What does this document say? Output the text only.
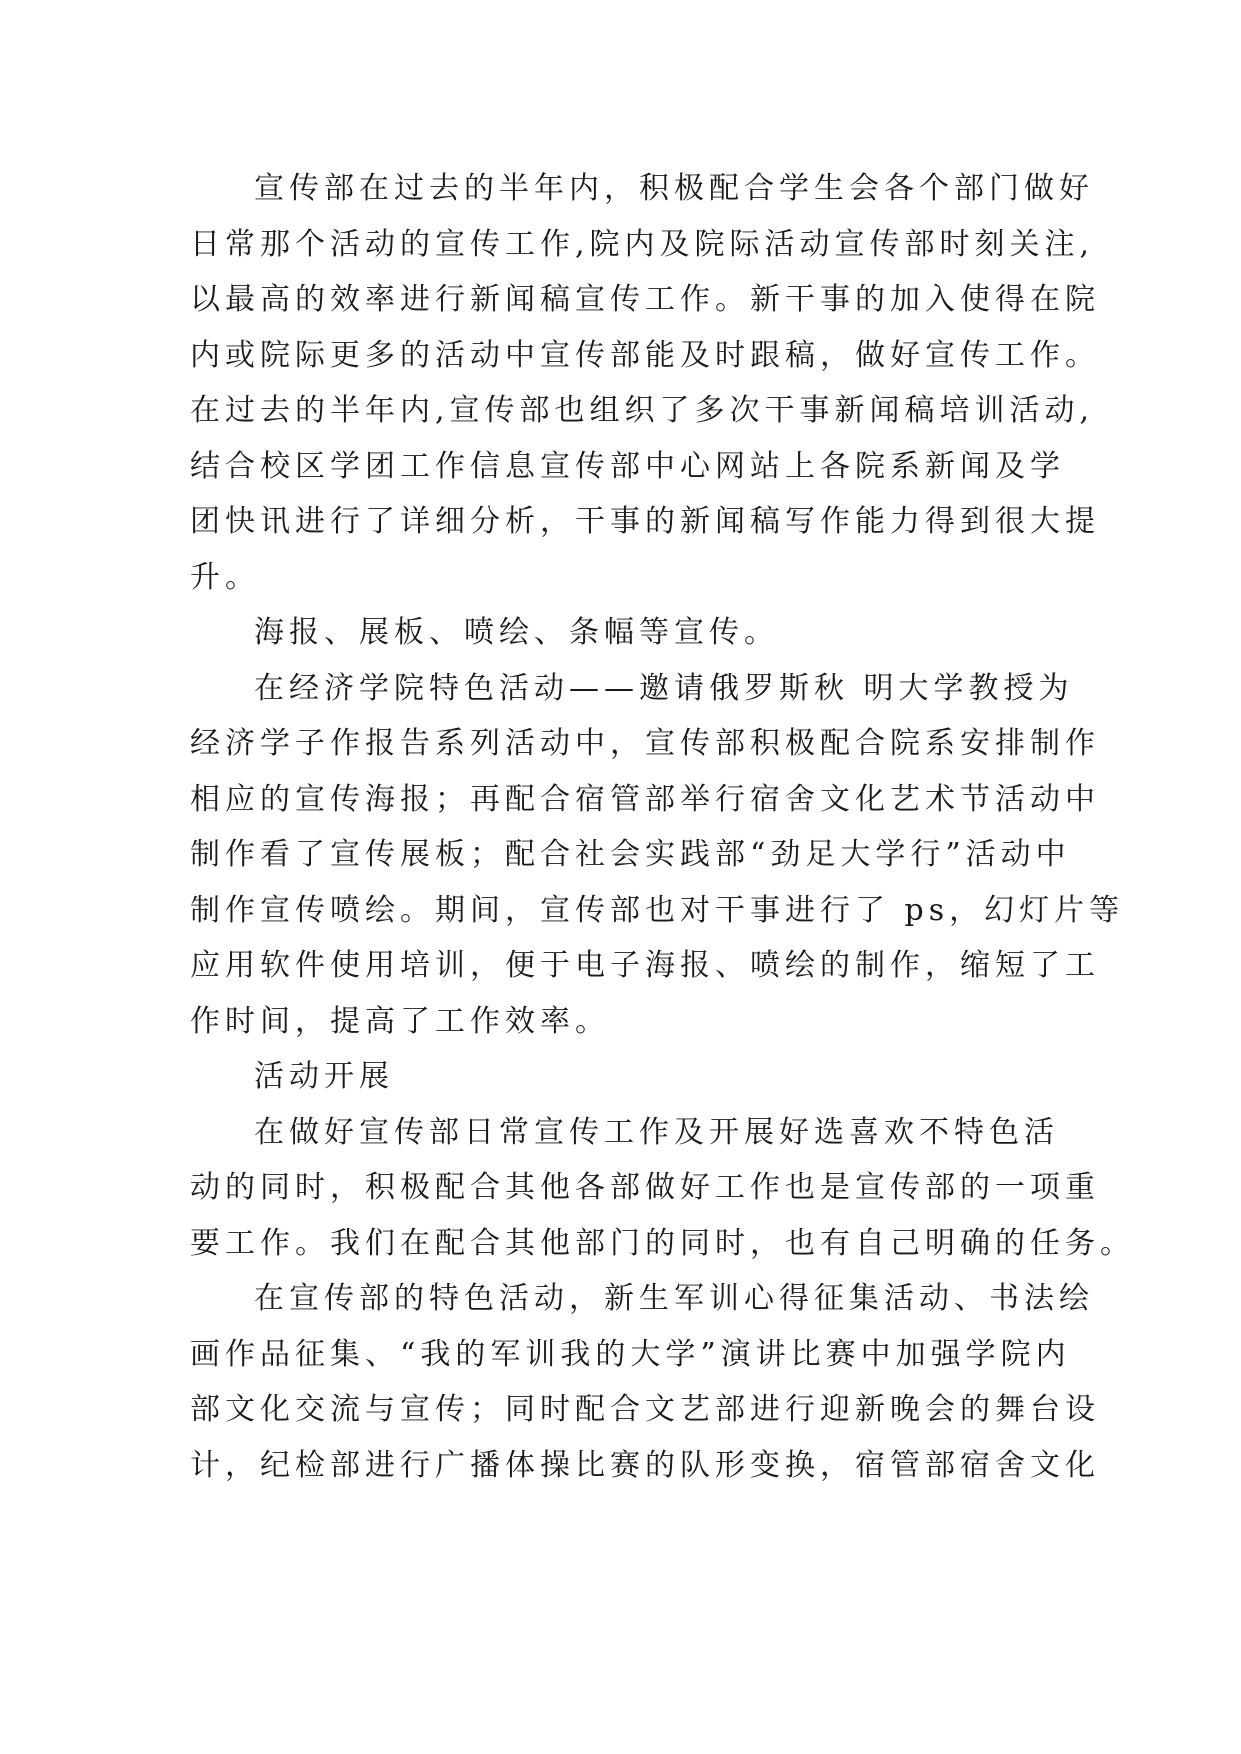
宣传部在过去的半年内，积极配合学生会各个部门做好
日常那个活动的宣传工作,院内及院际活动宣传部时刻关注,
以最高的效率进行新闻稿宣传工作。新干事的加入使得在院
内或院际更多的活动中宣传部能及时跟稿，做好宣传工作。
在过去的半年内,宣传部也组织了多次干事新闻稿培训活动,
结合校区学团工作信息宣传部中心网站上各院系新闻及学
团快讯进行了详细分析，干事的新闻稿写作能力得到很大提
升。
海报、展板、喷绘、条幅等宣传。
在经济学院特色活动——邀请俄罗斯秋 明大学教授为
经济学子作报告系列活动中，宣传部积极配合院系安排制作
相应的宣传海报；再配合宿管部举行宿舍文化艺术节活动中
制作看了宣传展板；配合社会实践部“劲足大学行”活动中
制作宣传喷绘。期间，宣传部也对干事进行了 ps，幻灯片等
应用软件使用培训，便于电子海报、喷绘的制作，缩短了工
作时间，提高了工作效率。
活动开展
在做好宣传部日常宣传工作及开展好选喜欢不特色活
动的同时，积极配合其他各部做好工作也是宣传部的一项重
要工作。我们在配合其他部门的同时，也有自己明确的任务。
在宣传部的特色活动，新生军训心得征集活动、书法绘
画作品征集、“我的军训我的大学”演讲比赛中加强学院内
部文化交流与宣传；同时配合文艺部进行迎新晚会的舞台设
计，纪检部进行广播体操比赛的队形变换，宿管部宿舍文化
